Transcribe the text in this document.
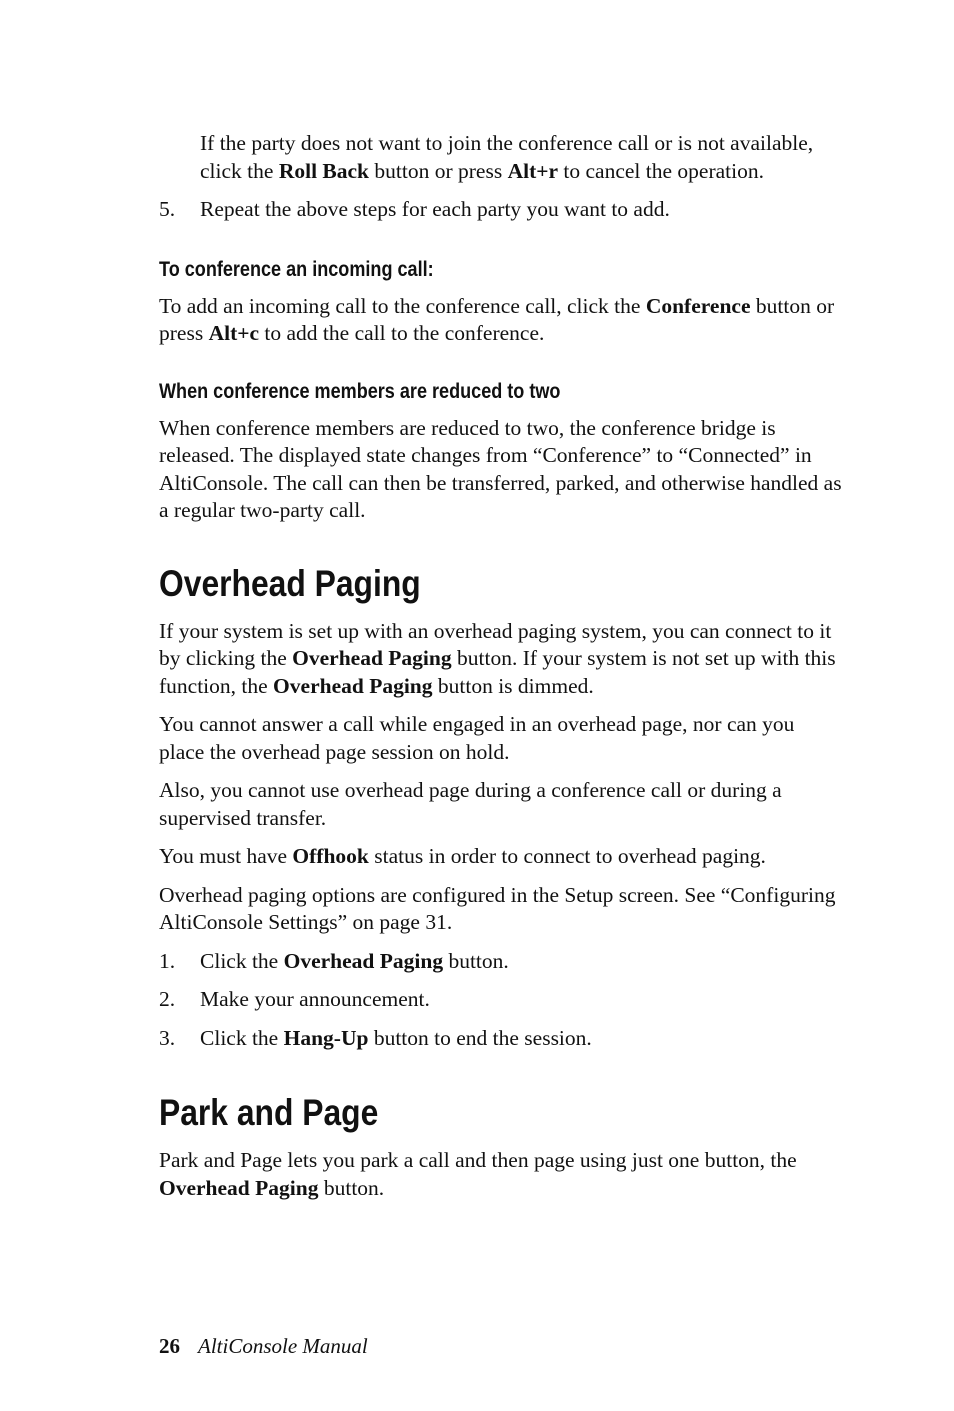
If the party does not want to join the conference call or is not available, click the Roll Back button or press Alt+r to cancel the operation.

5.	Repeat the above steps for each party you want to add.
To conference an incoming call:

To add an incoming call to the conference call, click the Conference button or press Alt+c to add the call to the conference.

When conference members are reduced to two

When conference members are reduced to two, the conference bridge is released. The displayed state changes from “Conference” to “Connected” in AltiConsole. The call can then be transferred, parked, and otherwise handled as a regular two-party call.

Overhead Paging

If your system is set up with an overhead paging system, you can connect to it by clicking the Overhead Paging button. If your system is not set up with this function, the Overhead Paging button is dimmed.

You cannot answer a call while engaged in an overhead page, nor can you place the overhead page session on hold.

Also, you cannot use overhead page during a conference call or during a supervised transfer.

You must have Offhook status in order to connect to overhead paging.

Overhead paging options are configured in the Setup screen. See “Configuring AltiConsole Settings” on page 31.

1.	Click the Overhead Paging button.
2.	Make your announcement.
3.	Click the Hang-Up button to end the session.
Park and Page

Park and Page lets you park a call and then page using just one button, the Overhead Paging button.

26 AltiConsole Manual
